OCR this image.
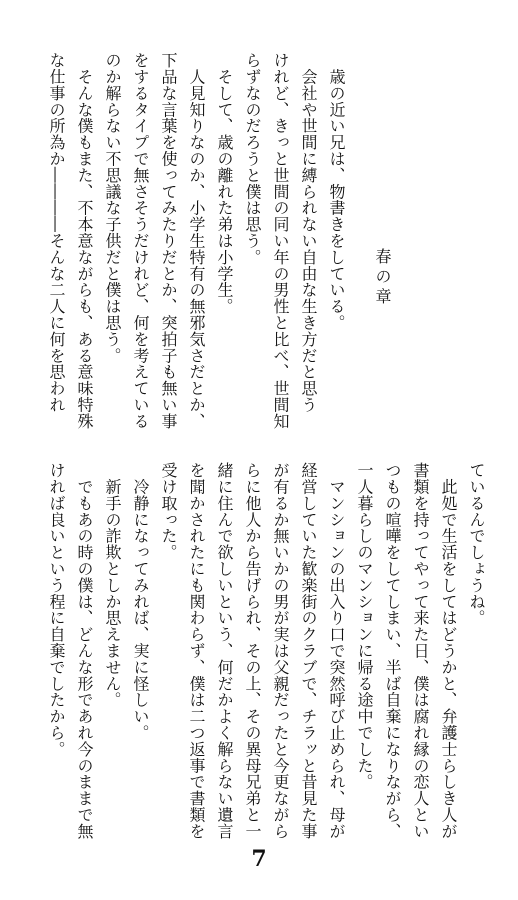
春の章
　歳の近い兄は、物書きをしている。
　会社や世間に縛られない自由な生き方だと思う
けれど、きっと世間の同い年の男性と比べ、世間知
らずなのだろうと僕は思う。
　そして、歳の離れた弟は小学生。
　人見知りなのか、小学生特有の無邪気さだとか、
下品な言葉を使ってみたりだとか、突拍子も無い事
をするタイプで無さそうだけれど、何を考えている
のか解らない不思議な子供だと僕は思う。
　そんな僕もまた、不本意ながらも、ある意味特殊
な仕事の所為か――――そんな二人に何を思われ
ているんでしょうね。
　此処で生活をしてはどうかと、弁護士らしき人が
書類を持ってやって来た日、僕は腐れ縁の恋人とい
つもの喧嘩をしてしまい、半ば自棄になりながら、
一人暮らしのマンションに帰る途中でした。
　マンションの出入り口で突然呼び止められ、母が
経営していた歓楽街のクラブで、チラッと昔見た事
が有るか無いかの男が実は父親だったと今更ながら
らに他人から告げられ、その上、その異母兄弟と一
緒に住んで欲しいという、何だかよく解らない遺言
を聞かされたにも関わらず、僕は二つ返事で書類を
受け取った。
　冷静になってみれば、実に怪しい。
　新手の詐欺としか思えません。
　でもあの時の僕は、どんな形であれ今のままで無
ければ良いという程に自棄でしたから。
7
